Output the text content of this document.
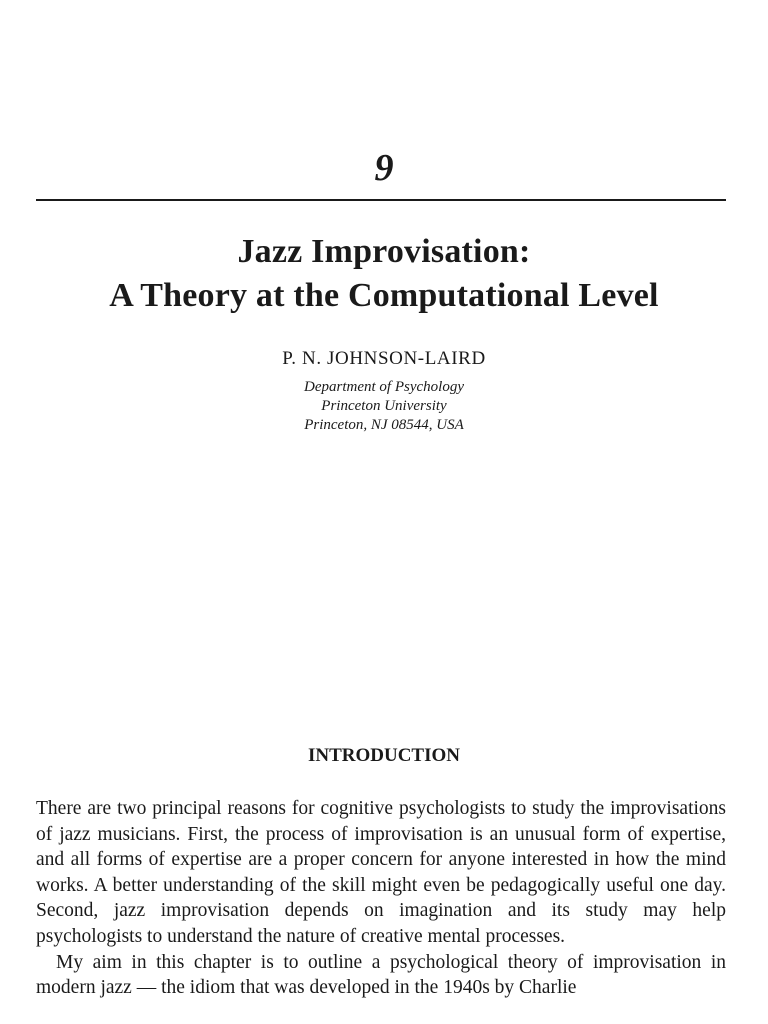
9
Jazz Improvisation:
A Theory at the Computational Level
P. N. JOHNSON-LAIRD
Department of Psychology
Princeton University
Princeton, NJ 08544, USA
INTRODUCTION

There are two principal reasons for cognitive psychologists to study the improvisations of jazz musicians. First, the process of improvisation is an unusual form of expertise, and all forms of expertise are a proper concern for anyone interested in how the mind works. A better understanding of the skill might even be pedagogically useful one day. Second, jazz improvisation depends on imagination and its study may help psychologists to understand the nature of creative mental processes.

My aim in this chapter is to outline a psychological theory of improvisation in modern jazz — the idiom that was developed in the 1940s by Charlie
